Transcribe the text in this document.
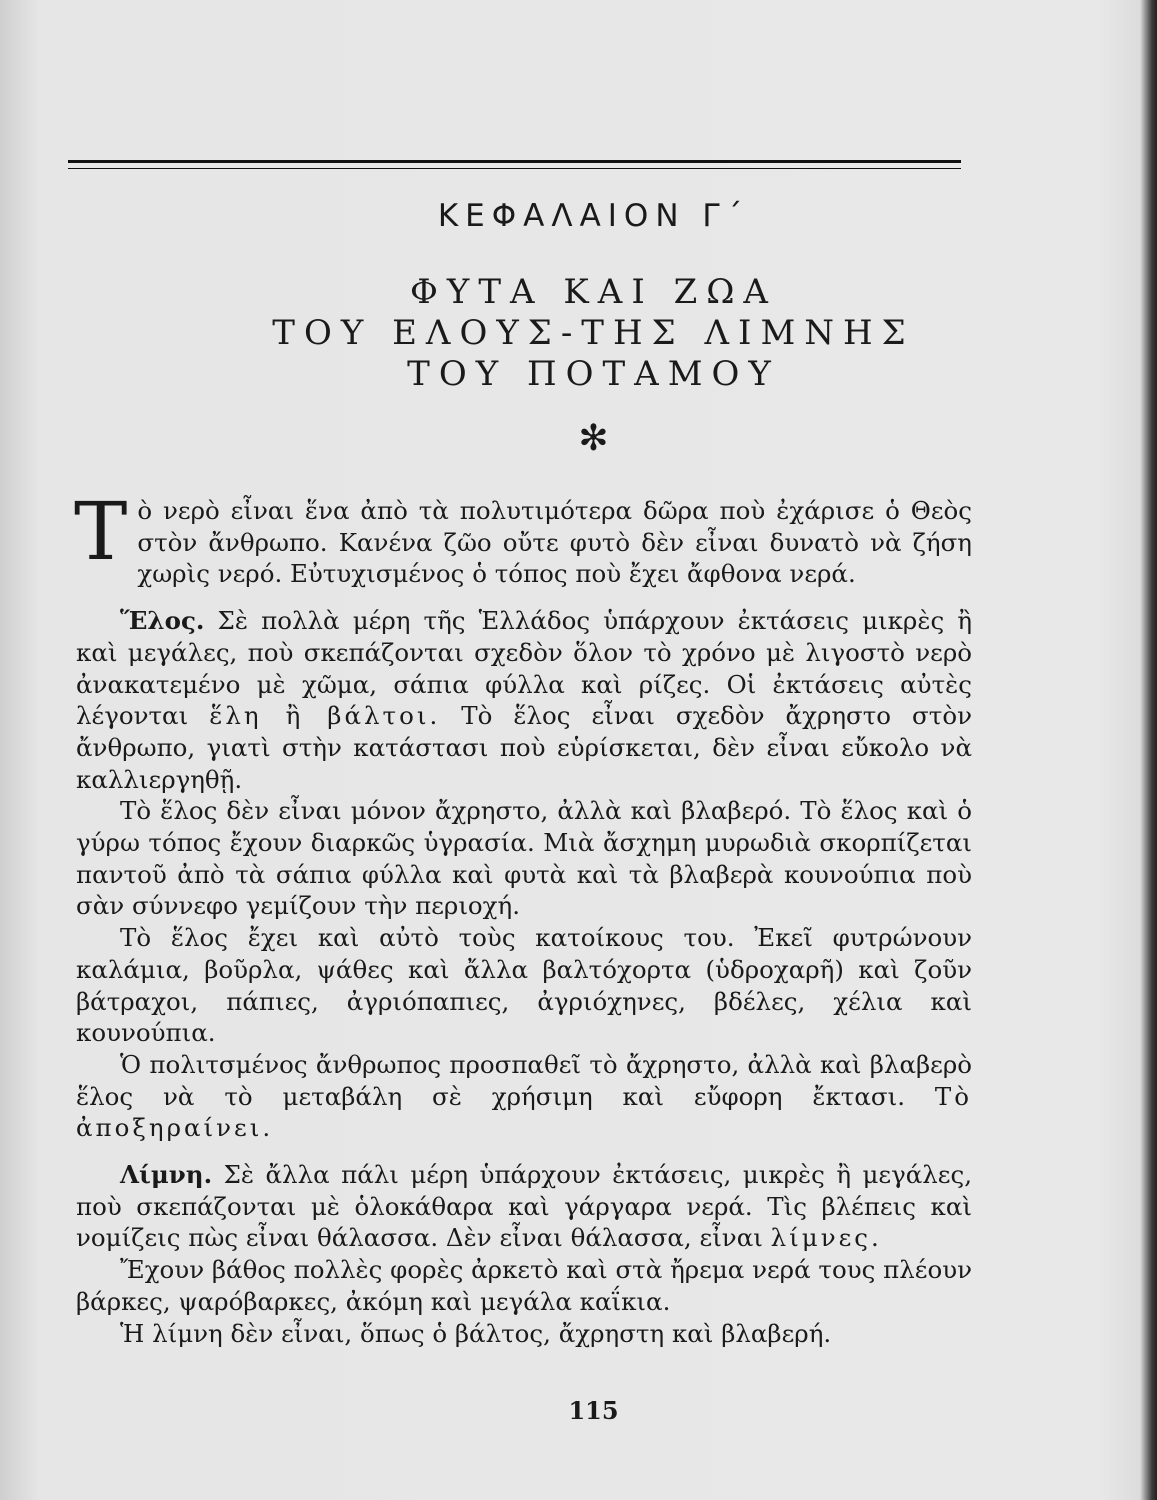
ΚΕΦΑΛΑΙΟΝ Γ΄
ΦΥΤΑ ΚΑΙ ΖΩΑ
ΤΟΥ ΕΛΟΥΣ-ΤΗΣ ΛΙΜΝΗΣ
ΤΟΥ ΠΟΤΑΜΟΥ
✻

Τὸ νερὸ εἶναι ἕνα ἀπὸ τὰ πολυτιμότερα δῶρα ποὺ ἐχάρισε ὁ Θεὸς στὸν ἄνθρωπο. Κανένα ζῶο οὔτε φυτὸ δὲν εἶναι δυνατὸ νὰ ζήση χωρὶς νερό. Εὐτυχισμένος ὁ τόπος ποὺ ἔχει ἄφθονα νερά.

Ἕλος. Σὲ πολλὰ μέρη τῆς Ἑλλάδος ὑπάρχουν ἐκτάσεις μικρὲς ἢ καὶ μεγάλες, ποὺ σκεπάζονται σχεδὸν ὅλον τὸ χρόνο μὲ λιγοστὸ νερὸ ἀνακατεμένο μὲ χῶμα, σάπια φύλλα καὶ ρίζες. Οἱ ἐκτάσεις αὐτὲς λέγονται ἕλη ἢ βάλτοι. Τὸ ἕλος εἶναι σχεδὸν ἄχρηστο στὸν ἄνθρωπο, γιατὶ στὴν κατάστασι ποὺ εὑρίσκεται, δὲν εἶναι εὔκολο νὰ καλλιεργηθῇ.

Τὸ ἕλος δὲν εἶναι μόνον ἄχρηστο, ἀλλὰ καὶ βλαβερό. Τὸ ἕλος καὶ ὁ γύρω τόπος ἔχουν διαρκῶς ὑγρασία. Μιὰ ἄσχημη μυρωδιὰ σκορπίζεται παντοῦ ἀπὸ τὰ σάπια φύλλα καὶ φυτὰ καὶ τὰ βλαβερὰ κουνούπια ποὺ σὰν σύννεφο γεμίζουν τὴν περιοχή.

Τὸ ἕλος ἔχει καὶ αὐτὸ τοὺς κατοίκους του. Ἐκεῖ φυτρώνουν καλάμια, βοῦρλα, ψάθες καὶ ἄλλα βαλτόχορτα (ὑδροχαρῆ) καὶ ζοῦν βάτραχοι, πάπιες, ἀγριόπαπιες, ἀγριόχηνες, βδέλες, χέλια καὶ κουνούπια.

Ὁ πολιτσμένος ἄνθρωπος προσπαθεῖ τὸ ἄχρηστο, ἀλλὰ καὶ βλαβερὸ ἕλος νὰ τὸ μεταβάλη σὲ χρήσιμη καὶ εὔφορη ἔκτασι. Τὸ ἀποξηραίνει.

Λίμνη. Σὲ ἄλλα πάλι μέρη ὑπάρχουν ἐκτάσεις, μικρὲς ἢ μεγάλες, ποὺ σκεπάζονται μὲ ὁλοκάθαρα καὶ γάργαρα νερά. Τὶς βλέπεις καὶ νομίζεις πὼς εἶναι θάλασσα. Δὲν εἶναι θάλασσα, εἶναι λίμνες.

Ἔχουν βάθος πολλὲς φορὲς ἀρκετὸ καὶ στὰ ἤρεμα νερά τους πλέουν βάρκες, ψαρόβαρκες, ἀκόμη καὶ μεγάλα καΐκια.

Ἡ λίμνη δὲν εἶναι, ὅπως ὁ βάλτος, ἄχρηστη καὶ βλαβερή.

115
